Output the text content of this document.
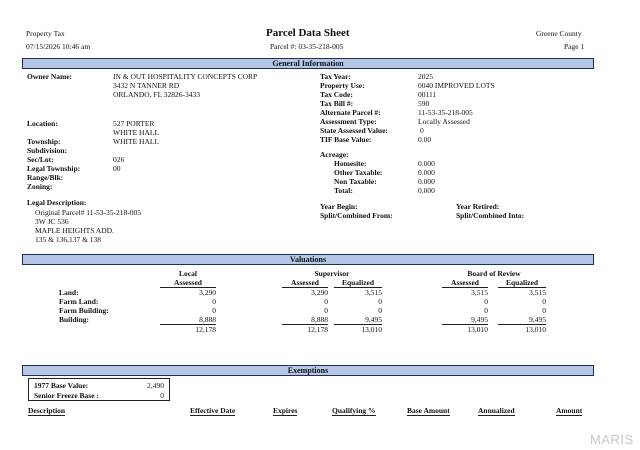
Property Tax
07/15/2026 10:46 am
Parcel Data Sheet
Parcel #: 03-35-218-005
Greene County
Page 1
General Information
Owner Name:	IN & OUT HOSPITALITY CONCEPTS CORP
3432 N TANNER RD
ORLANDO, FL 32826-3433
Location:	527 PORTER
WHITE HALL
Township:	WHITE HALL
Subdivision:
Sec/Lot:	026
Legal Township:	00
Range/Blk:
Zoning:
Legal Description:
Original Parcel# 11-53-35-218-005
3W JC 536
MAPLE HEIGHTS ADD.
135 & 136,137 & 138
Tax Year:	2025
Property Use:	0040 IMPROVED LOTS
Tax Code:	00111
Tax Bill #:	590
Alternate Parcel #:	11-53-35-218-005
Assessment Type:	Locally Assessed
State Assessed Value:	0
TIF Base Value:	0.00
Acreage:
Homesite:	0.000
Other Taxable:	0.000
Non Taxable:	0.000
Total:	0.000
Year Begin:	Year Retired:
Split/Combined From:	Split/Combined Into:
Valuations
Local	Supervisor	Board of Review
Assessed	Assessed	Equalized	Assessed	Equalized
Land:	3,290	3,290	3,515	3,515	3,515
Farm Land:	0	0	0	0	0
Farm Building:	0	0	0	0	0
Building:	8,888	8,888	9,495	9,495	9,495
12,178	12,178	13,010	13,010	13,010
Exemptions
1977 Base Value:	2,490
Senior Freeze Base :	0
Description	Effective Date	Expires	Qualifying %	Base Amount	Annualized	Amount
MARIS
